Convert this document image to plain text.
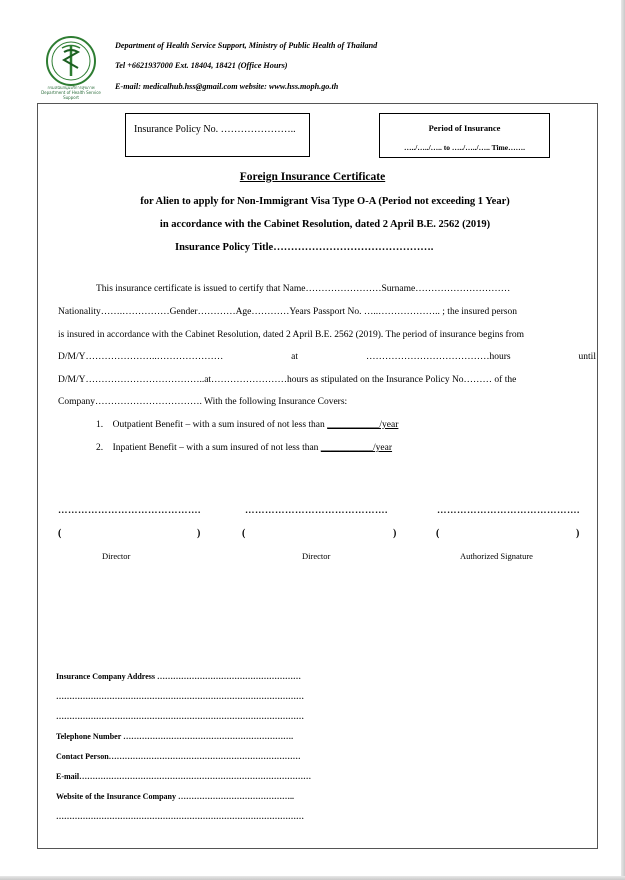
กรมสนับสนุนบริการสุขภาพ
Department of Health Service Support
Department of Health Service Support, Ministry of Public Health of Thailand
Tel +6621937000 Ext. 18404, 18421 (Office Hours)
E-mail: medicalhub.hss@gmail.com website: www.hss.moph.go.th
Insurance Policy No. …………………..	Period of Insurance
…../…../….. to …../…../….. Time…….
Foreign Insurance Certificate
for Alien to apply for Non-Immigrant Visa Type O-A (Period not exceeding 1 Year)
in accordance with the Cabinet Resolution, dated 2 April B.E. 2562 (2019)
Insurance Policy Title……………………………………….
This insurance certificate is issued to certify that Name……………………Surname…………………………
Nationality…….……………Gender…………Age…………Years Passport No. …..……………….. ; the insured person
is insured in accordance with the Cabinet Resolution, dated 2 April B.E. 2562 (2019). The period of insurance begins from
D/M/Y…………………..…………………	at	…………………………………hours	until
D/M/Y………………………………..at……………………hours as stipulated on the Insurance Policy No……… of the
Company……………………………. With the following Insurance Covers:
1. Outpatient Benefit – with a sum insured of not less than ___________/year
2. Inpatient Benefit – with a sum insured of not less than ___________/year
…………………………………….	…………………………………….	…………………………………….
(	)	(	)	(	)
Director	Director	Authorized Signature
Insurance Company Address ………………………………………………
…………………………………………………………………………………
…………………………………………………………………………………
Telephone Number ……………………………………………………….
Contact Person………………………………………………………………
E-mail……………………………………………………………………………
Website of the Insurance Company ……………………………………..
…………………………………………………………………………………
